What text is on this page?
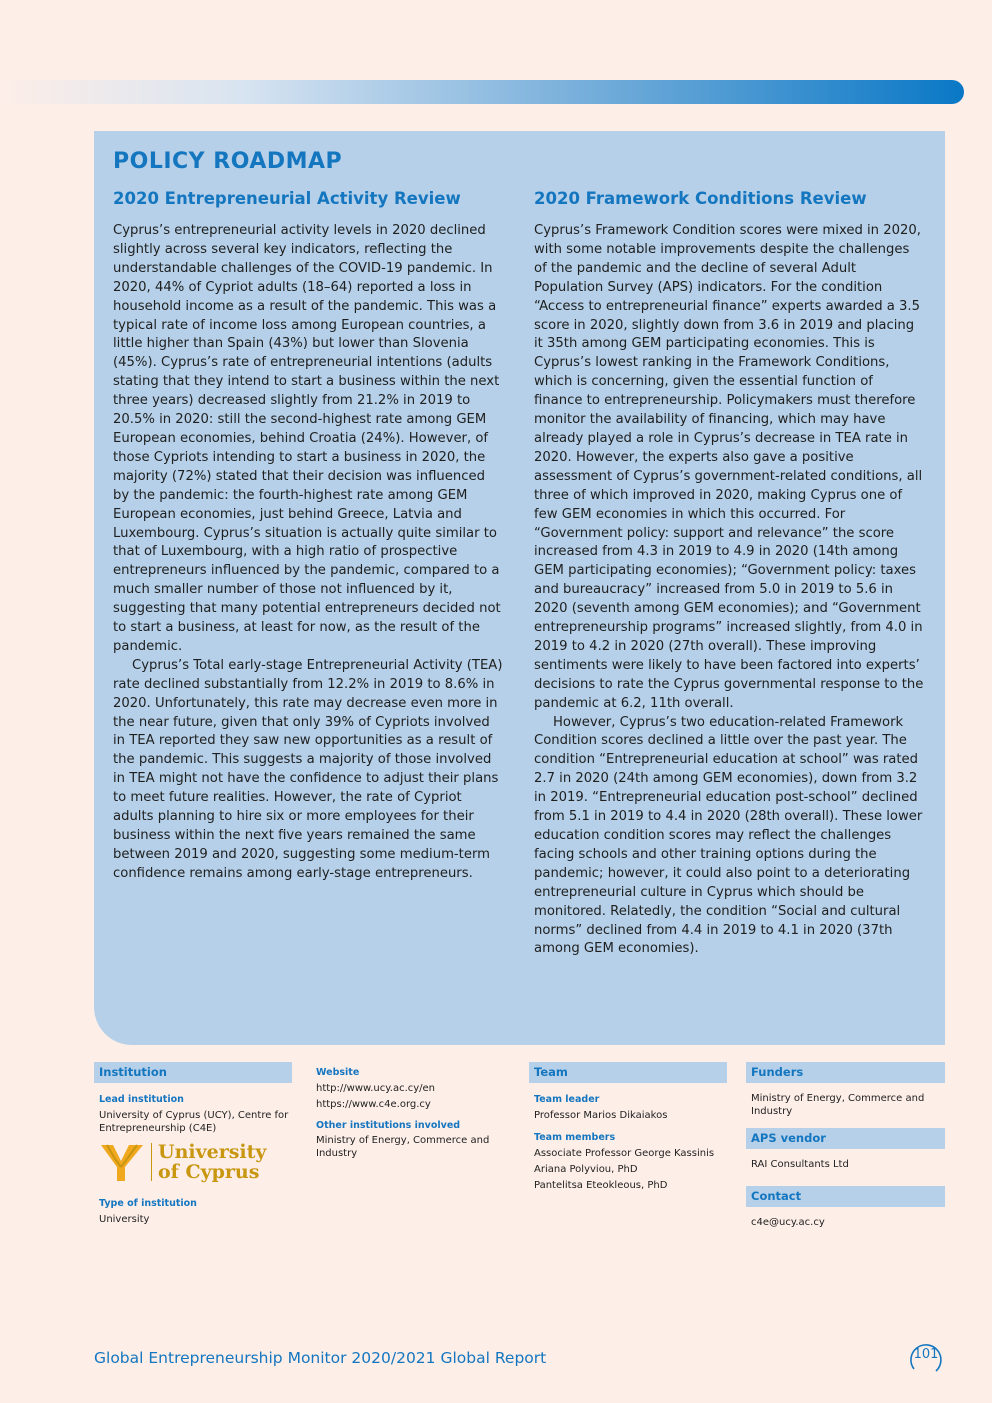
POLICY ROADMAP
2020 Entrepreneurial Activity Review

Cyprus’s entrepreneurial activity levels in 2020 declined slightly across several key indicators, reflecting the understandable challenges of the COVID-19 pandemic. In 2020, 44% of Cypriot adults (18–64) reported a loss in household income as a result of the pandemic. This was a typical rate of income loss among European countries, a little higher than Spain (43%) but lower than Slovenia (45%). Cyprus’s rate of entrepreneurial intentions (adults stating that they intend to start a business within the next three years) decreased slightly from 21.2% in 2019 to 20.5% in 2020: still the second-highest rate among GEM European economies, behind Croatia (24%). However, of those Cypriots intending to start a business in 2020, the majority (72%) stated that their decision was influenced by the pandemic: the fourth-highest rate among GEM European economies, just behind Greece, Latvia and Luxembourg. Cyprus’s situation is actually quite similar to that of Luxembourg, with a high ratio of prospective entrepreneurs influenced by the pandemic, compared to a much smaller number of those not influenced by it, suggesting that many potential entrepreneurs decided not to start a business, at least for now, as the result of the pandemic.

Cyprus’s Total early-stage Entrepreneurial Activity (TEA) rate declined substantially from 12.2% in 2019 to 8.6% in 2020. Unfortunately, this rate may decrease even more in the near future, given that only 39% of Cypriots involved in TEA reported they saw new opportunities as a result of the pandemic. This suggests a majority of those involved in TEA might not have the confidence to adjust their plans to meet future realities. However, the rate of Cypriot adults planning to hire six or more employees for their business within the next five years remained the same between 2019 and 2020, suggesting some medium-term confidence remains among early-stage entrepreneurs.

2020 Framework Conditions Review

Cyprus’s Framework Condition scores were mixed in 2020, with some notable improvements despite the challenges of the pandemic and the decline of several Adult Population Survey (APS) indicators. For the condition “Access to entrepreneurial finance” experts awarded a 3.5 score in 2020, slightly down from 3.6 in 2019 and placing it 35th among GEM participating economies. This is Cyprus’s lowest ranking in the Framework Conditions, which is concerning, given the essential function of finance to entrepreneurship. Policymakers must therefore monitor the availability of financing, which may have already played a role in Cyprus’s decrease in TEA rate in 2020. However, the experts also gave a positive assessment of Cyprus’s government-related conditions, all three of which improved in 2020, making Cyprus one of few GEM economies in which this occurred. For “Government policy: support and relevance” the score increased from 4.3 in 2019 to 4.9 in 2020 (14th among GEM participating economies); “Government policy: taxes and bureaucracy” increased from 5.0 in 2019 to 5.6 in 2020 (seventh among GEM economies); and “Government entrepreneurship programs” increased slightly, from 4.0 in 2019 to 4.2 in 2020 (27th overall). These improving sentiments were likely to have been factored into experts’ decisions to rate the Cyprus governmental response to the pandemic at 6.2, 11th overall.

However, Cyprus’s two education-related Framework Condition scores declined a little over the past year. The condition “Entrepreneurial education at school” was rated 2.7 in 2020 (24th among GEM economies), down from 3.2 in 2019. “Entrepreneurial education post-school” declined from 5.1 in 2019 to 4.4 in 2020 (28th overall). These lower education condition scores may reflect the challenges facing schools and other training options during the pandemic; however, it could also point to a deteriorating entrepreneurial culture in Cyprus which should be monitored. Relatedly, the condition “Social and cultural norms” declined from 4.4 in 2019 to 4.1 in 2020 (37th among GEM economies).

Institution
Lead institution
University of Cyprus (UCY), Centre for Entrepreneurship (C4E)
University
of Cyprus
Type of institution
University
Website
http://www.ucy.ac.cy/en
https://www.c4e.org.cy
Other institutions involved
Ministry of Energy, Commerce and Industry
Team
Team leader
Professor Marios Dikaiakos
Team members
Associate Professor George Kassinis
Ariana Polyviou, PhD
Pantelitsa Eteokleous, PhD
Funders
Ministry of Energy, Commerce and Industry
APS vendor
RAI Consultants Ltd
Contact
c4e@ucy.ac.cy
Global Entrepreneurship Monitor 2020/2021 Global Report	101
